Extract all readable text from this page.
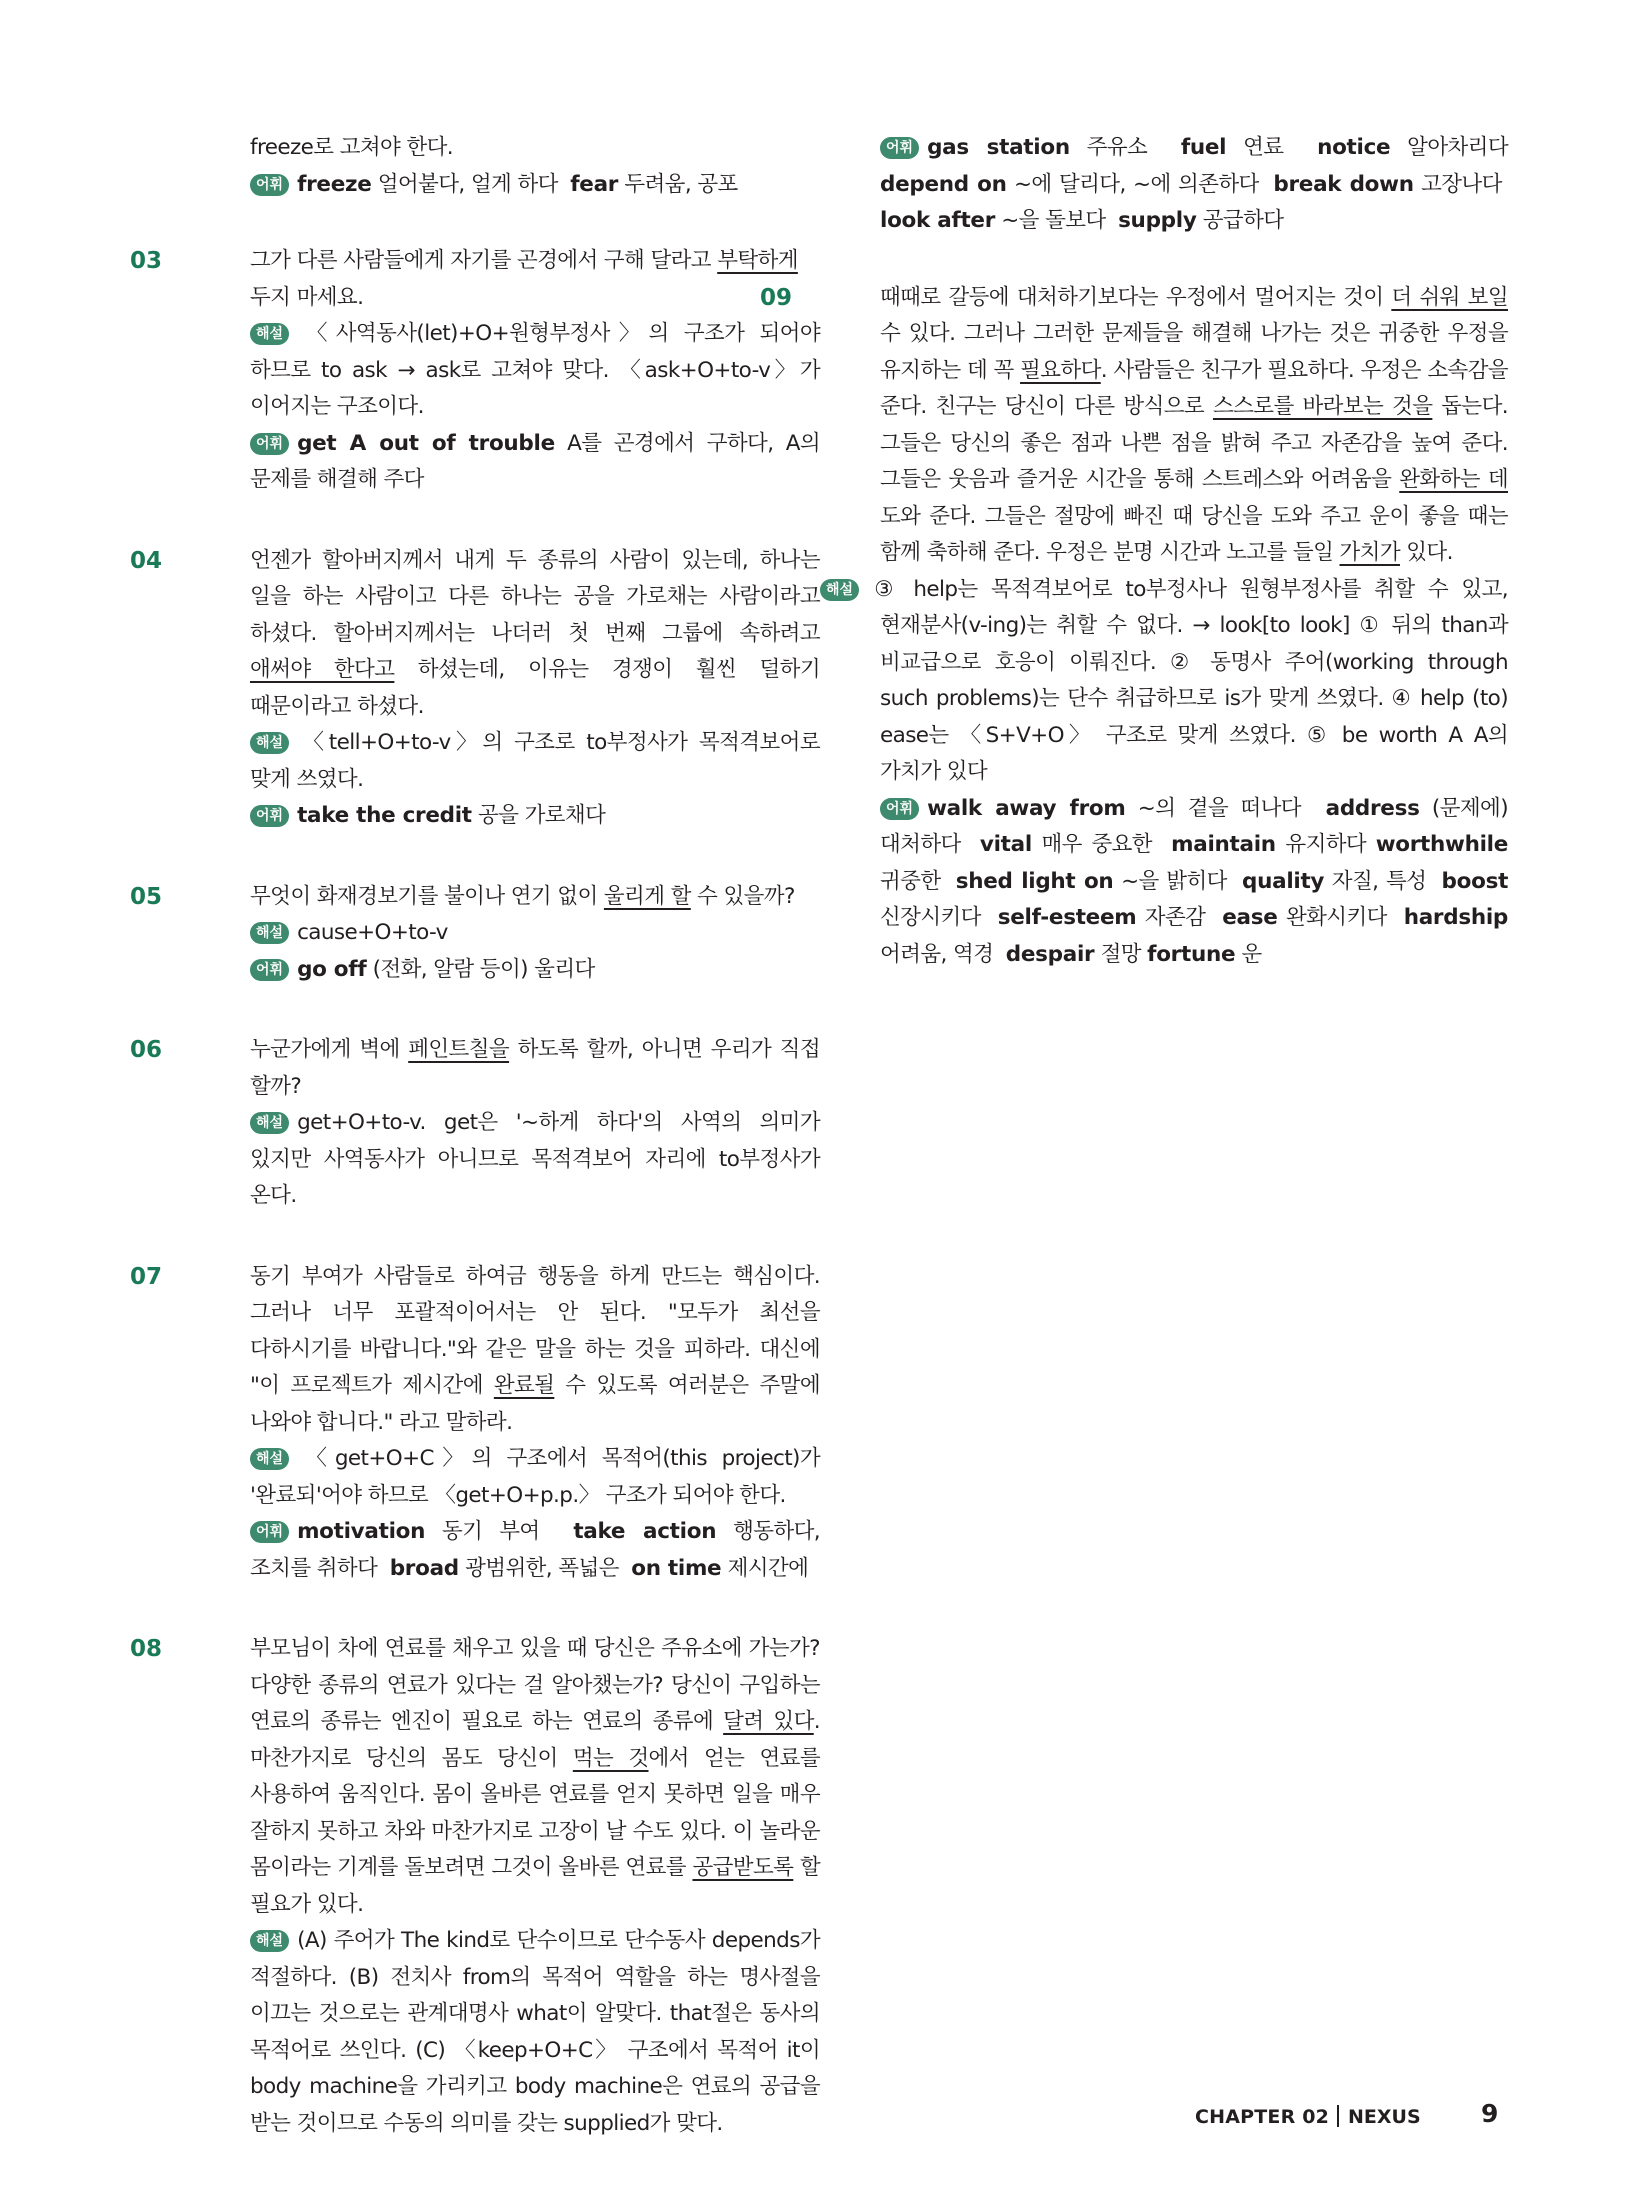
freeze로 고쳐야 한다.

어휘 freeze 얼어붙다, 얼게 하다 fear 두려움, 공포

03	그가 다른 사람들에게 자기를 곤경에서 구해 달라고 부탁하게
두지 마세요.

해설 〈사역동사(let)+O+원형부정사〉의 구조가 되어야 하므로 to ask → ask로 고쳐야 맞다. 〈ask+O+to-v〉가 이어지는 구조이다.

어휘 get A out of trouble A를 곤경에서 구하다, A의 문제를 해결해 주다

04	언젠가 할아버지께서 내게 두 종류의 사람이 있는데, 하나는 일을 하는 사람이고 다른 하나는 공을 가로채는 사람이라고 하셨다. 할아버지께서는 나더러 첫 번째 그룹에 속하려고 애써야 한다고 하셨는데, 이유는 경쟁이 훨씬 덜하기 때문이라고 하셨다.

해설 〈tell+O+to-v〉의 구조로 to부정사가 목적격보어로 맞게 쓰였다.

어휘 take the credit 공을 가로채다

05	무엇이 화재경보기를 불이나 연기 없이 울리게 할 수 있을까?

해설 cause+O+to-v

어휘 go off (전화, 알람 등이) 울리다

06	누군가에게 벽에 페인트칠을 하도록 할까, 아니면 우리가 직접 할까?

해설 get+O+to-v. get은 '~하게 하다'의 사역의 의미가 있지만 사역동사가 아니므로 목적격보어 자리에 to부정사가 온다.

07	동기 부여가 사람들로 하여금 행동을 하게 만드는 핵심이다. 그러나 너무 포괄적이어서는 안 된다. "모두가 최선을 다하시기를 바랍니다."와 같은 말을 하는 것을 피하라. 대신에 "이 프로젝트가 제시간에 완료될 수 있도록 여러분은 주말에 나와야 합니다." 라고 말하라.

해설 〈get+O+C〉의 구조에서 목적어(this project)가 '완료되'어야 하므로 〈get+O+p.p.〉 구조가 되어야 한다.

어휘 motivation 동기 부여 take action 행동하다, 조치를 취하다 broad 광범위한, 폭넓은 on time 제시간에

08	부모님이 차에 연료를 채우고 있을 때 당신은 주유소에 가는가? 다양한 종류의 연료가 있다는 걸 알아챘는가? 당신이 구입하는 연료의 종류는 엔진이 필요로 하는 연료의 종류에 달려 있다. 마찬가지로 당신의 몸도 당신이 먹는 것에서 얻는 연료를 사용하여 움직인다. 몸이 올바른 연료를 얻지 못하면 일을 매우 잘하지 못하고 차와 마찬가지로 고장이 날 수도 있다. 이 놀라운 몸이라는 기계를 돌보려면 그것이 올바른 연료를 공급받도록 할 필요가 있다.

해설 (A) 주어가 The kind로 단수이므로 단수동사 depends가 적절하다. (B) 전치사 from의 목적어 역할을 하는 명사절을 이끄는 것으로는 관계대명사 what이 알맞다. that절은 동사의 목적어로 쓰인다. (C) 〈keep+O+C〉 구조에서 목적어 it이 body machine을 가리키고 body machine은 연료의 공급을 받는 것이므로 수동의 의미를 갖는 supplied가 맞다.

어휘 gas station 주유소 fuel 연료 notice 알아차리다 depend on ~에 달리다, ~에 의존하다 break down 고장나다  look after ~을 돌보다 supply 공급하다

09	때때로 갈등에 대처하기보다는 우정에서 멀어지는 것이 더 쉬워 보일 수 있다. 그러나 그러한 문제들을 해결해 나가는 것은 귀중한 우정을 유지하는 데 꼭 필요하다. 사람들은 친구가 필요하다. 우정은 소속감을 준다. 친구는 당신이 다른 방식으로 스스로를 바라보는 것을 돕는다. 그들은 당신의 좋은 점과 나쁜 점을 밝혀 주고 자존감을 높여 준다. 그들은 웃음과 즐거운 시간을 통해 스트레스와 어려움을 완화하는 데 도와 준다. 그들은 절망에 빠진 때 당신을 도와 주고 운이 좋을 때는 함께 축하해 준다. 우정은 분명 시간과 노고를 들일 가치가 있다.

해설 ③ help는 목적격보어로 to부정사나 원형부정사를 취할 수 있고, 현재분사(v-ing)는 취할 수 없다. → look[to look] ① 뒤의 than과 비교급으로 호응이 이뤄진다. ② 동명사 주어(working through such problems)는 단수 취급하므로 is가 맞게 쓰였다. ④ help (to) ease는 〈S+V+O〉 구조로 맞게 쓰였다. ⑤ be worth A A의 가치가 있다

어휘 walk away from ~의 곁을 떠나다 address (문제에) 대처하다 vital 매우 중요한 maintain 유지하다 worthwhile 귀중한 shed light on ~을 밝히다 quality 자질, 특성 boost 신장시키다 self-esteem 자존감 ease 완화시키다 hardship 어려움, 역경 despair 절망 fortune 운

CHAPTER 02 NEXUS 9
